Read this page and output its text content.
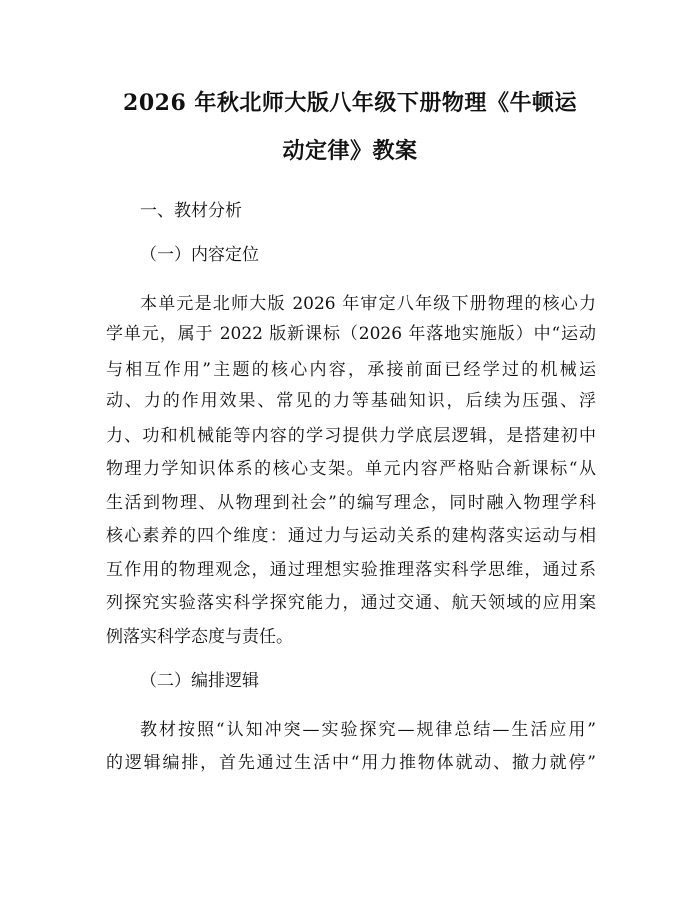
2026 年秋北师大版八年级下册物理《牛顿运
动定律》教案
一、教材分析
（一）内容定位
本单元是北师大版 2026 年审定八年级下册物理的核心力
学单元，属于 2022 版新课标（2026 年落地实施版）中“运动
与相互作用”主题的核心内容，承接前面已经学过的机械运
动、力的作用效果、常见的力等基础知识，后续为压强、浮
力、功和机械能等内容的学习提供力学底层逻辑，是搭建初中
物理力学知识体系的核心支架。单元内容严格贴合新课标“从
生活到物理、从物理到社会”的编写理念，同时融入物理学科
核心素养的四个维度：通过力与运动关系的建构落实运动与相
互作用的物理观念，通过理想实验推理落实科学思维，通过系
列探究实验落实科学探究能力，通过交通、航天领域的应用案
例落实科学态度与责任。
（二）编排逻辑
教材按照“认知冲突—实验探究—规律总结—生活应用”
的逻辑编排，首先通过生活中“用力推物体就动、撤力就停”
